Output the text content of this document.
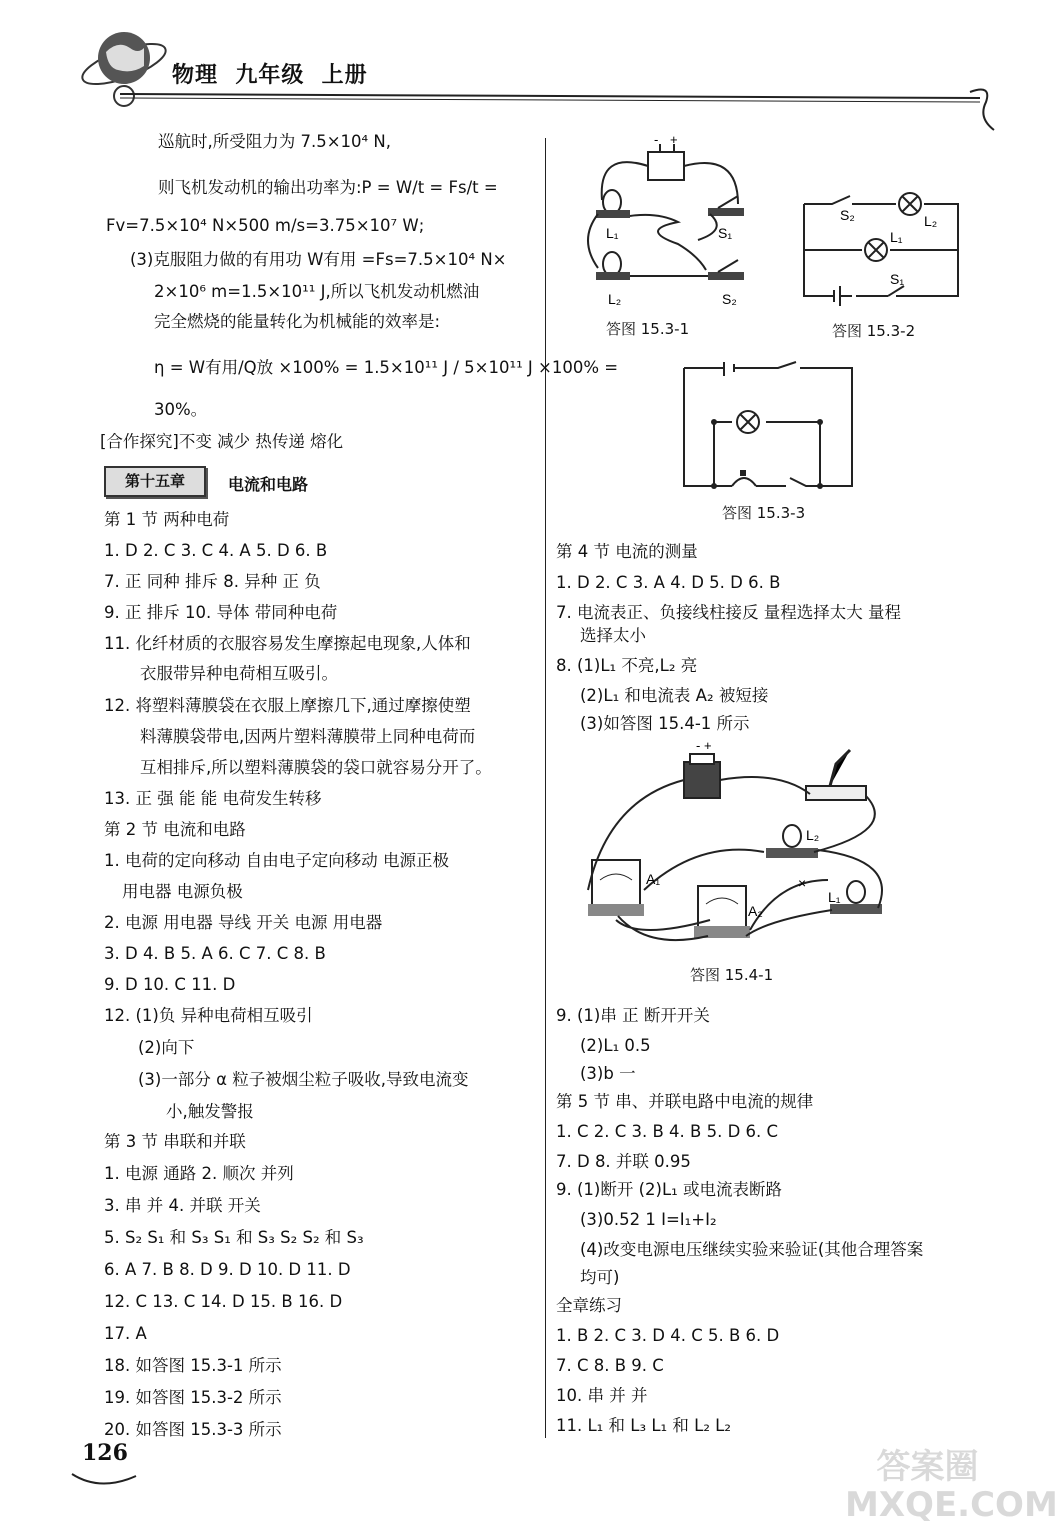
物理  九年级  上册
巡航时,所受阻力为 7.5×10⁴ N,
则飞机发动机的输出功率为:P = W/t = Fs/t =
Fv=7.5×10⁴ N×500 m/s=3.75×10⁷ W;
(3)克服阻力做的有用功 W有用 =Fs=7.5×10⁴ N×
2×10⁶ m=1.5×10¹¹ J,所以飞机发动机燃油
完全燃烧的能量转化为机械能的效率是:
η = W有用/Q放 ×100% = 1.5×10¹¹ J / 5×10¹¹ J ×100% =
30%。
[合作探究]不变 减少 热传递 熔化
第十五章	电流和电路
第 1 节 两种电荷
1. D 2. C 3. C 4. A 5. D 6. B
7. 正 同种 排斥 8. 异种 正 负
9. 正 排斥 10. 导体 带同种电荷
11. 化纤材质的衣服容易发生摩擦起电现象,人体和
衣服带异种电荷相互吸引。
12. 将塑料薄膜袋在衣服上摩擦几下,通过摩擦使塑
料薄膜袋带电,因两片塑料薄膜带上同种电荷而
互相排斥,所以塑料薄膜袋的袋口就容易分开了。
13. 正 强 能 能 电荷发生转移
第 2 节 电流和电路
1. 电荷的定向移动 自由电子定向移动 电源正极
用电器 电源负极
2. 电源 用电器 导线 开关 电源 用电器
3. D 4. B 5. A 6. C 7. C 8. B
9. D 10. C 11. D
12. (1)负 异种电荷相互吸引
(2)向下
(3)一部分 α 粒子被烟尘粒子吸收,导致电流变
小,触发警报
第 3 节 串联和并联
1. 电源 通路 2. 顺次 并列
3. 串 并 4. 并联 开关
5. S₂ S₁ 和 S₃ S₁ 和 S₃ S₂ S₂ 和 S₃
6. A 7. B 8. D 9. D 10. D 11. D
12. C 13. C 14. D 15. B 16. D
17. A
18. 如答图 15.3-1 所示
19. 如答图 15.3-2 所示
20. 如答图 15.3-3 所示
- +
L₁	S₁
L₂	S₂
答图 15.3-1
S₂	L₂
L₁
S₁
答图 15.3-2
答图 15.3-3
第 4 节 电流的测量
1. D 2. C 3. A 4. D 5. D 6. B
7. 电流表正、负接线柱接反 量程选择太大 量程
选择太小
8. (1)L₁ 不亮,L₂ 亮
(2)L₁ 和电流表 A₂ 被短接
(3)如答图 15.4-1 所示
- +
L₂
A₁
A₂
L₁
×
答图 15.4-1
9. (1)串 正 断开开关
(2)L₁ 0.5
(3)b 一
第 5 节 串、并联电路中电流的规律
1. C 2. C 3. B 4. B 5. D 6. C
7. D 8. 并联 0.95
9. (1)断开 (2)L₁ 或电流表断路
(3)0.52 1 I=I₁+I₂
(4)改变电源电压继续实验来验证(其他合理答案
均可)
全章练习
1. B 2. C 3. D 4. C 5. B 6. D
7. C 8. B 9. C
10. 串 并 并
11. L₁ 和 L₃ L₁ 和 L₂ L₂
126	答案圈 MXQE.COM
